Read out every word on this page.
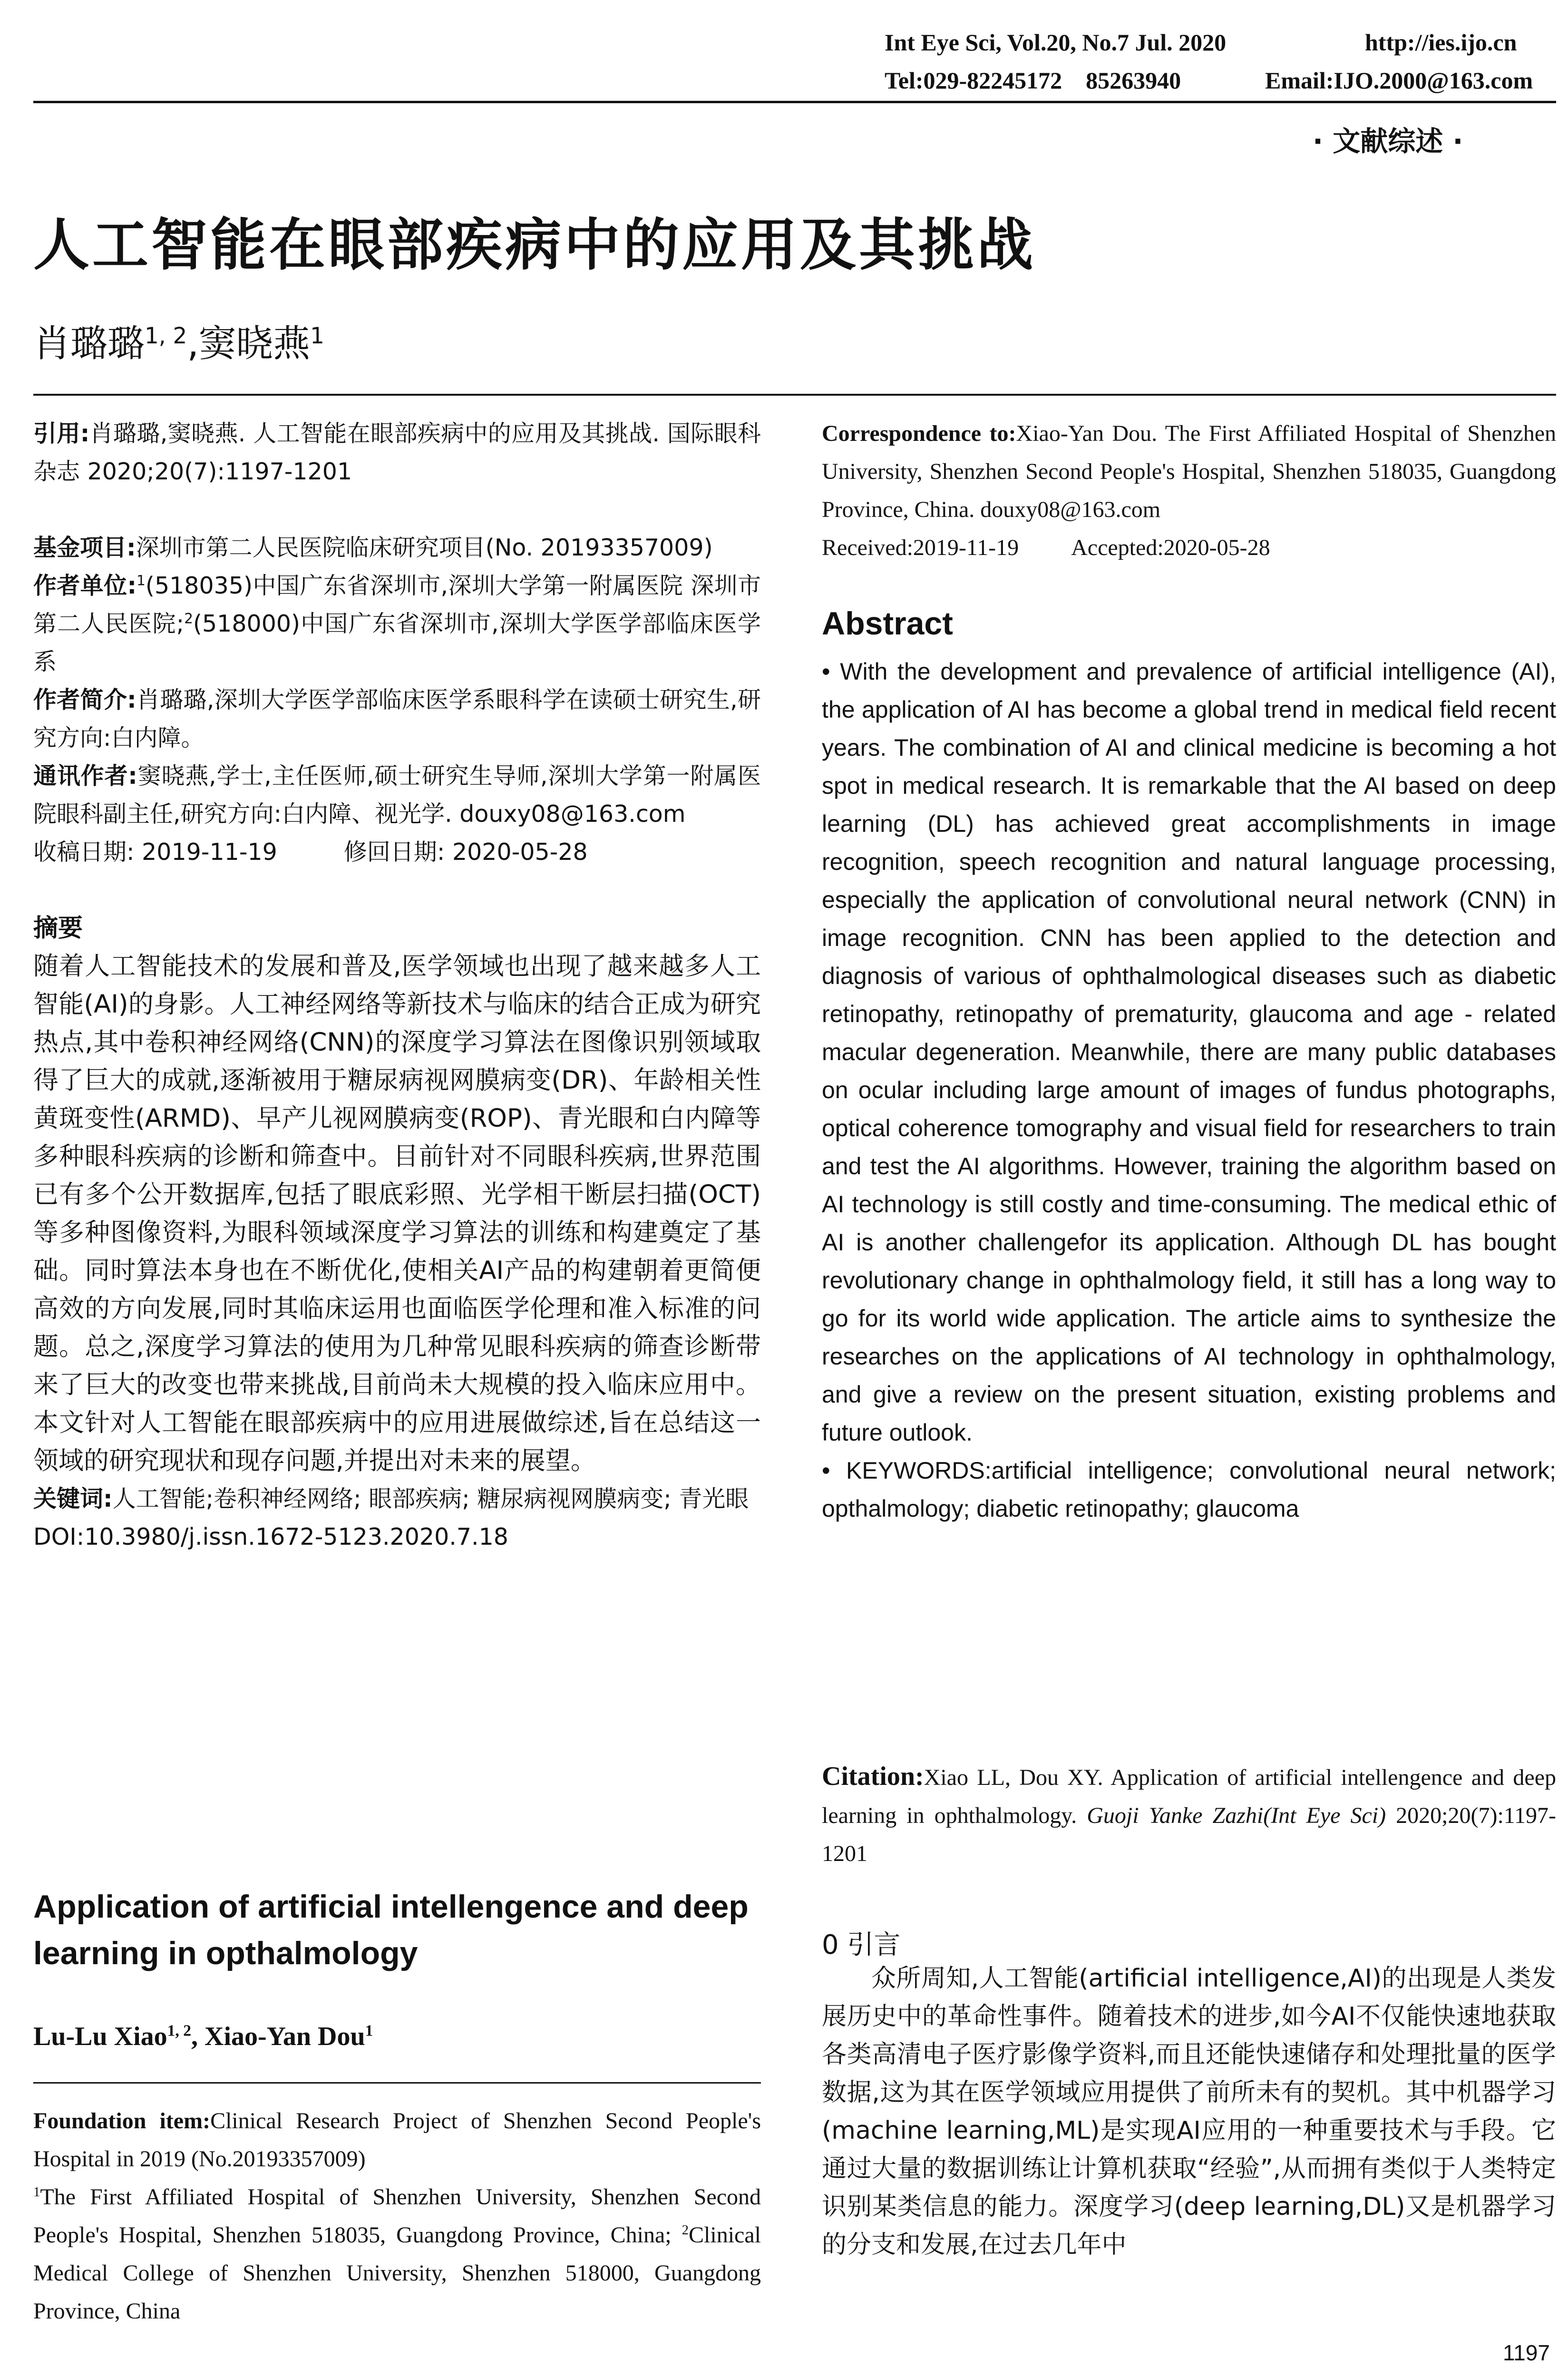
Int Eye Sci, Vol.20, No.7 Jul. 2020	http://ies.ijo.cn
Tel:029-82245172    85263940	Email:IJO.2000@163.com
· 文献综述 ·
人工智能在眼部疾病中的应用及其挑战
肖璐璐$^{1, 2}$,窦晓燕$^1$

引用:肖璐璐,窦晓燕. 人工智能在眼部疾病中的应用及其挑战. 国际眼科杂志 2020;20(7):1197-1201

基金项目:深圳市第二人民医院临床研究项目(No. 20193357009)

作者单位:$^1$(518035)中国广东省深圳市,深圳大学第一附属医院 深圳市第二人民医院;$^2$(518000)中国广东省深圳市,深圳大学医学部临床医学系

作者简介:肖璐璐,深圳大学医学部临床医学系眼科学在读硕士研究生,研究方向:白内障。

通讯作者:窦晓燕,学士,主任医师,硕士研究生导师,深圳大学第一附属医院眼科副主任,研究方向:白内障、视光学. douxy08@163.com

收稿日期: 2019-11-19	修回日期: 2020-05-28

摘要

随着人工智能技术的发展和普及,医学领域也出现了越来越多人工智能(AI)的身影。人工神经网络等新技术与临床的结合正成为研究热点,其中卷积神经网络(CNN)的深度学习算法在图像识别领域取得了巨大的成就,逐渐被用于糖尿病视网膜病变(DR)、年龄相关性黄斑变性(ARMD)、早产儿视网膜病变(ROP)、青光眼和白内障等多种眼科疾病的诊断和筛查中。目前针对不同眼科疾病,世界范围已有多个公开数据库,包括了眼底彩照、光学相干断层扫描(OCT)等多种图像资料,为眼科领域深度学习算法的训练和构建奠定了基础。同时算法本身也在不断优化,使相关AI产品的构建朝着更简便高效的方向发展,同时其临床运用也面临医学伦理和准入标准的问题。总之,深度学习算法的使用为几种常见眼科疾病的筛查诊断带来了巨大的改变也带来挑战,目前尚未大规模的投入临床应用中。本文针对人工智能在眼部疾病中的应用进展做综述,旨在总结这一领域的研究现状和现存问题,并提出对未来的展望。

关键词:人工智能;卷积神经网络; 眼部疾病; 糖尿病视网膜病变; 青光眼

DOI:10.3980/j.issn.1672-5123.2020.7.18

Application of artificial intellengence and deep learning in opthalmology
Lu-Lu Xiao$^{1, 2}$, Xiao-Yan Dou$^1$

Foundation item:Clinical Research Project of Shenzhen Second People's Hospital in 2019 (No.20193357009)

$^1$The First Affiliated Hospital of Shenzhen University, Shenzhen Second People's Hospital, Shenzhen 518035, Guangdong Province, China; $^2$Clinical Medical College of Shenzhen University, Shenzhen 518000, Guangdong Province, China

Correspondence to:Xiao-Yan Dou. The First Affiliated Hospital of Shenzhen University, Shenzhen Second People's Hospital, Shenzhen 518035, Guangdong Province, China. douxy08@163.com

Received:2019-11-19 Accepted:2020-05-28

Abstract

• With the development and prevalence of artificial intelligence (AI), the application of AI has become a global trend in medical field recent years. The combination of AI and clinical medicine is becoming a hot spot in medical research. It is remarkable that the AI based on deep learning (DL) has achieved great accomplishments in image recognition, speech recognition and natural language processing, especially the application of convolutional neural network (CNN) in image recognition. CNN has been applied to the detection and diagnosis of various of ophthalmological diseases such as diabetic retinopathy, retinopathy of prematurity, glaucoma and age - related macular degeneration. Meanwhile, there are many public databases on ocular including large amount of images of fundus photographs, optical coherence tomography and visual field for researchers to train and test the AI algorithms. However, training the algorithm based on AI technology is still costly and time-consuming. The medical ethic of AI is another challengefor its application. Although DL has bought revolutionary change in ophthalmology field, it still has a long way to go for its world wide application. The article aims to synthesize the researches on the applications of AI technology in ophthalmology, and give a review on the present situation, existing problems and future outlook.

• KEYWORDS:artificial intelligence; convolutional neural network; opthalmology; diabetic retinopathy; glaucoma

Citation:Xiao LL, Dou XY. Application of artificial intellengence and deep learning in ophthalmology. Guoji Yanke Zazhi(Int Eye Sci) 2020;20(7):1197-1201

0 引言
众所周知,人工智能(artificial intelligence,AI)的出现是人类发展历史中的革命性事件。随着技术的进步,如今AI不仅能快速地获取各类高清电子医疗影像学资料,而且还能快速储存和处理批量的医学数据,这为其在医学领域应用提供了前所未有的契机。其中机器学习(machine learning,ML)是实现AI应用的一种重要技术与手段。它通过大量的数据训练让计算机获取“经验”,从而拥有类似于人类特定识别某类信息的能力。深度学习(deep learning,DL)又是机器学习的分支和发展,在过去几年中
1197
